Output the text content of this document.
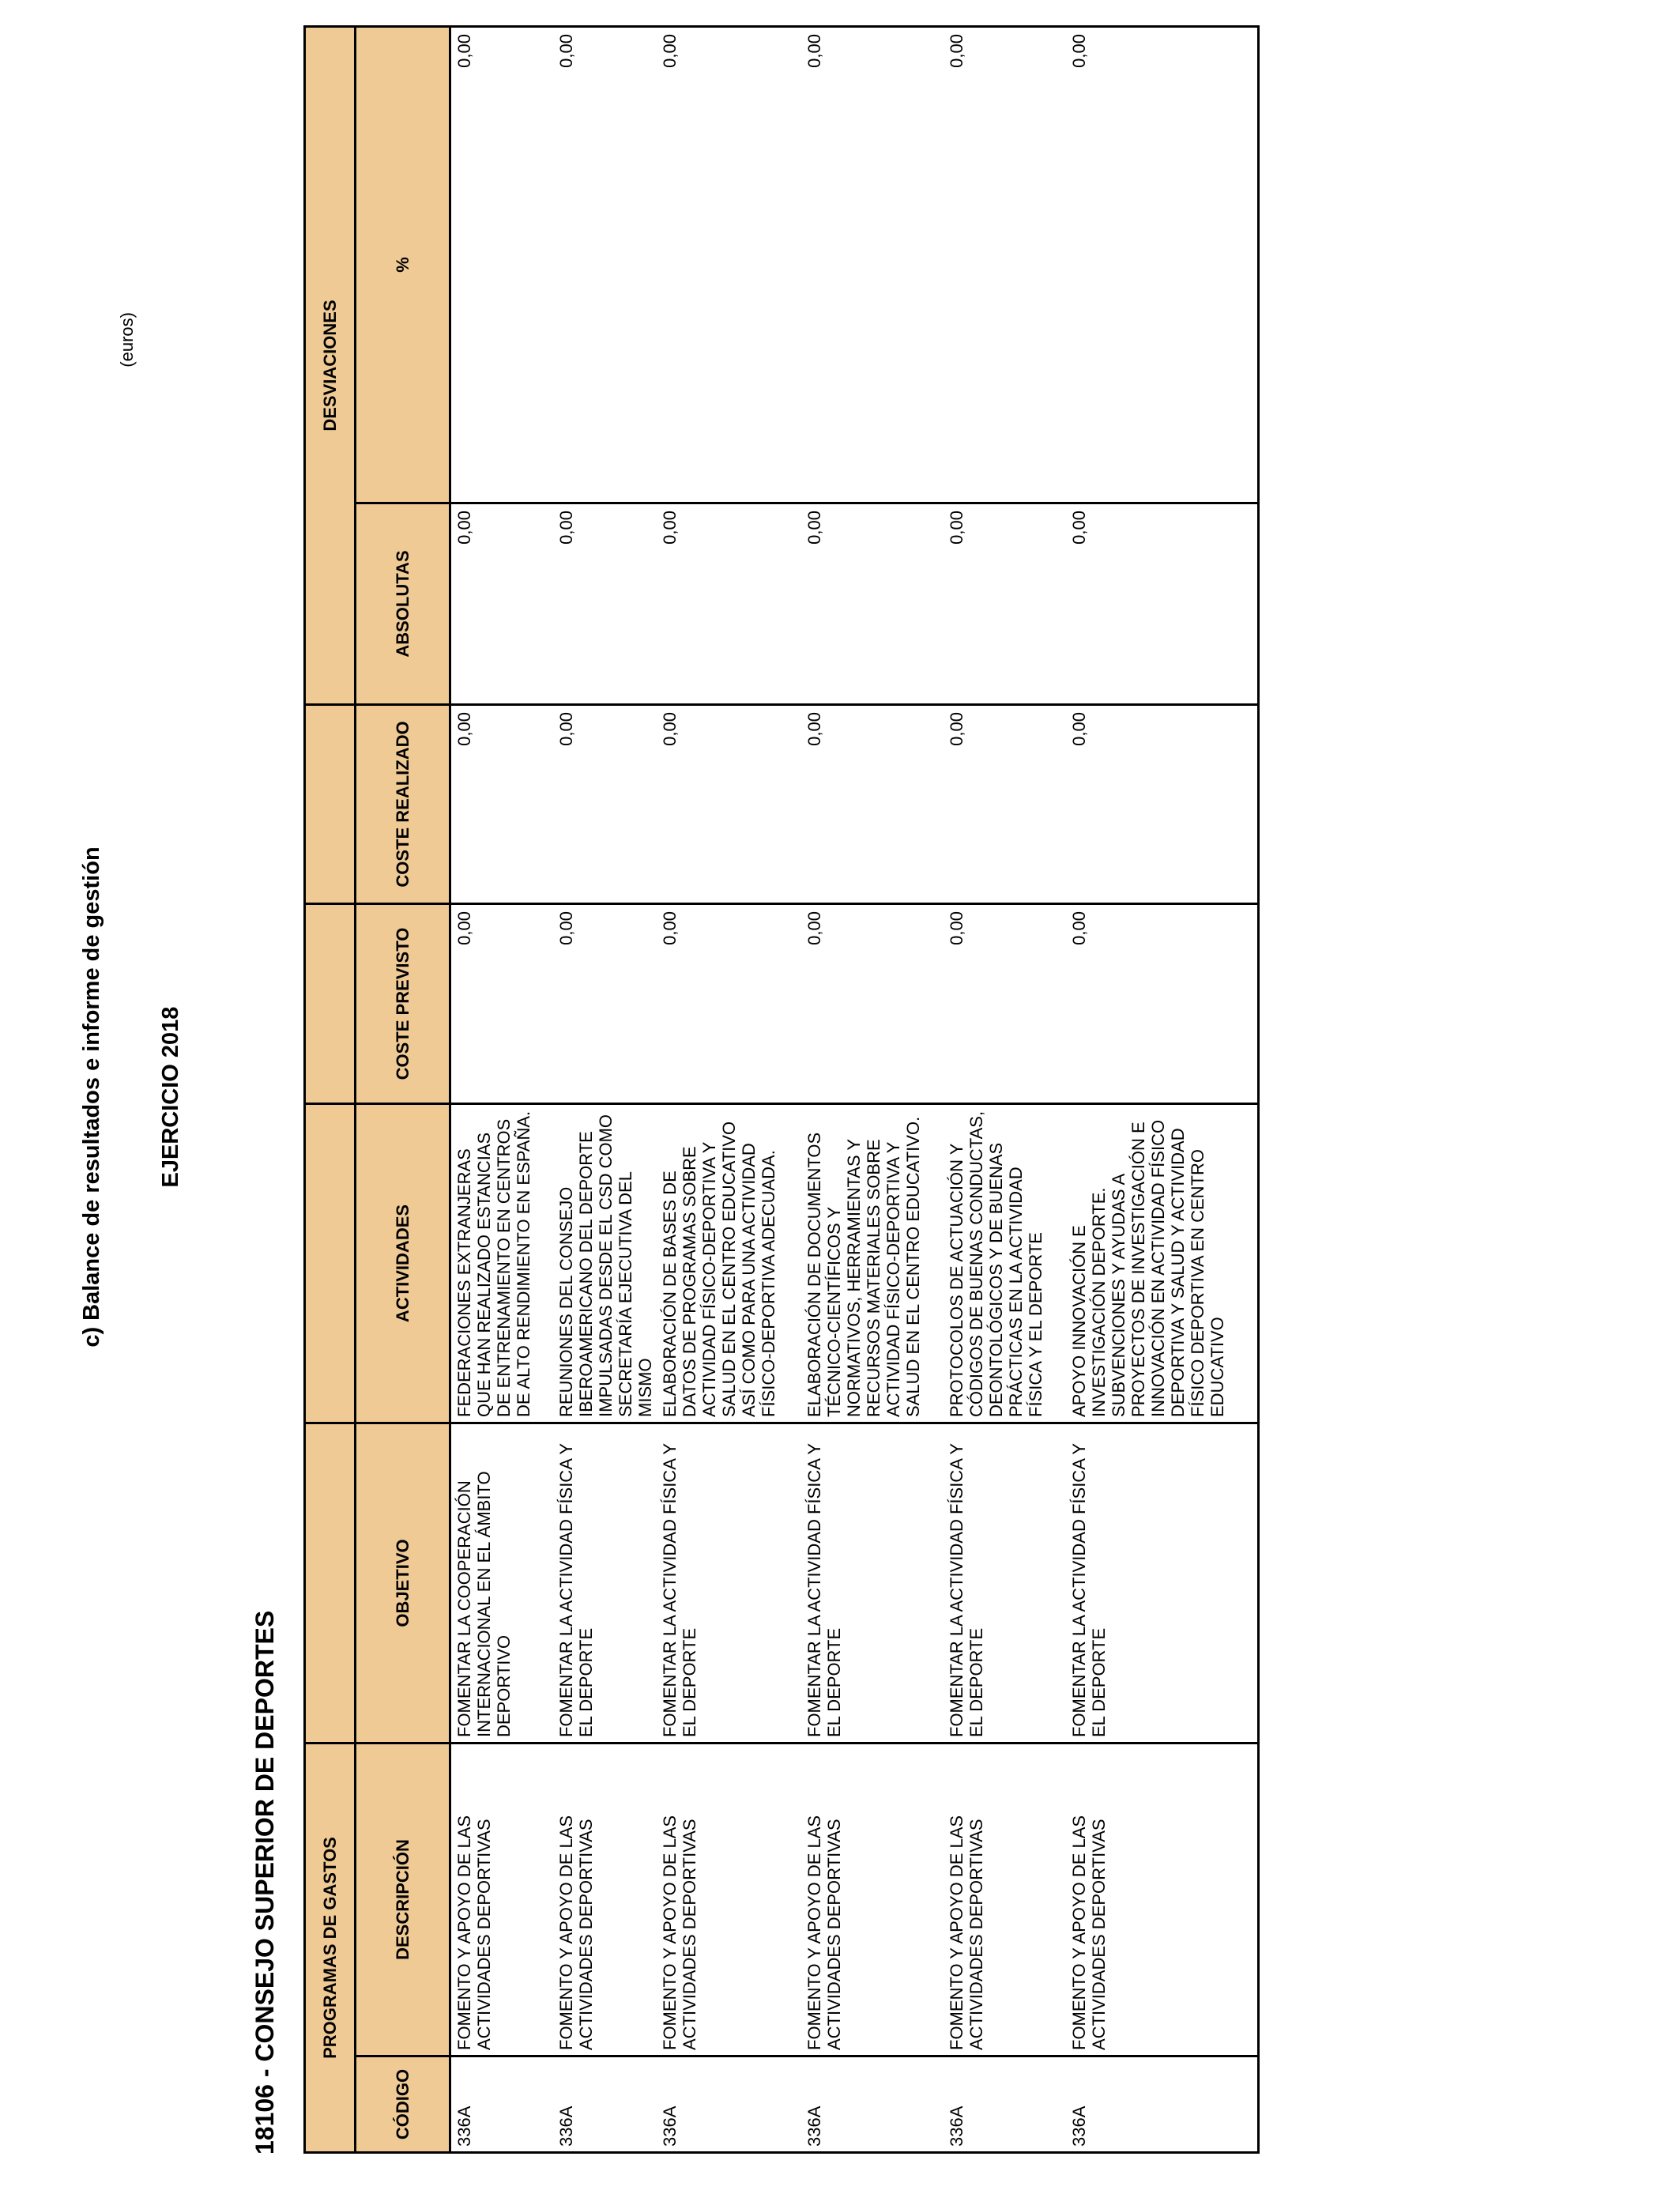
c) Balance de resultados e informe de gestión EJERCICIO 2018
18106 - CONSEJO SUPERIOR DE DEPORTES
(euros)
PROGRAMAS DE GASTOS						DESVIACIONES	
CÓDIGO	DESCRIPCIÓN	OBJETIVO	ACTIVIDADES	COSTE PREVISTO	COSTE REALIZADO	ABSOLUTAS	%
336A	FOMENTO Y APOYO DE LAS ACTIVIDADES DEPORTIVAS	FOMENTAR LA COOPERACIÓN INTERNACIONAL EN EL ÁMBITO DEPORTIVO	FEDERACIONES EXTRANJERAS QUE HAN REALIZADO ESTANCIAS DE ENTRENAMIENTO EN CENTROS DE ALTO RENDIMIENTO EN ESPAÑA.	0,00	0,00	0,00	0,00
336A	FOMENTO Y APOYO DE LAS ACTIVIDADES DEPORTIVAS	FOMENTAR LA ACTIVIDAD FÍSICA Y EL DEPORTE	REUNIONES DEL CONSEJO IBEROAMERICANO DEL DEPORTE IMPULSADAS DESDE EL CSD COMO SECRETARÍA EJECUTIVA DEL MISMO	0,00	0,00	0,00	0,00
336A	FOMENTO Y APOYO DE LAS ACTIVIDADES DEPORTIVAS	FOMENTAR LA ACTIVIDAD FÍSICA Y EL DEPORTE	ELABORACIÓN DE BASES DE DATOS DE PROGRAMAS SOBRE ACTIVIDAD FÍSICO-DEPORTIVA Y SALUD EN EL CENTRO EDUCATIVO ASÍ COMO PARA UNA ACTIVIDAD FÍSICO-DEPORTIVA ADECUADA.	0,00	0,00	0,00	0,00
336A	FOMENTO Y APOYO DE LAS ACTIVIDADES DEPORTIVAS	FOMENTAR LA ACTIVIDAD FÍSICA Y EL DEPORTE	ELABORACIÓN DE DOCUMENTOS TÉCNICO-CIENTÍFICOS Y NORMATIVOS, HERRAMIENTAS Y RECURSOS MATERIALES SOBRE ACTIVIDAD FÍSICO-DEPORTIVA Y SALUD EN EL CENTRO EDUCATIVO.	0,00	0,00	0,00	0,00
336A	FOMENTO Y APOYO DE LAS ACTIVIDADES DEPORTIVAS	FOMENTAR LA ACTIVIDAD FÍSICA Y EL DEPORTE	PROTOCOLOS DE ACTUACIÓN Y CÓDIGOS DE BUENAS CONDUCTAS, DEONTOLÓGICOS Y DE BUENAS PRÁCTICAS EN LA ACTIVIDAD FÍSICA Y EL DEPORTE	0,00	0,00	0,00	0,00
336A	FOMENTO Y APOYO DE LAS ACTIVIDADES DEPORTIVAS	FOMENTAR LA ACTIVIDAD FÍSICA Y EL DEPORTE	APOYO INNOVACIÓN E INVESTIGACIÓN DEPORTE. SUBVENCIONES Y AYUDAS A PROYECTOS DE INVESTIGACIÓN E INNOVACIÓN EN ACTIVIDAD FÍSICO DEPORTIVA Y SALUD Y ACTIVIDAD FÍSICO DEPORTIVA EN CENTRO EDUCATIVO	0,00	0,00	0,00	0,00
